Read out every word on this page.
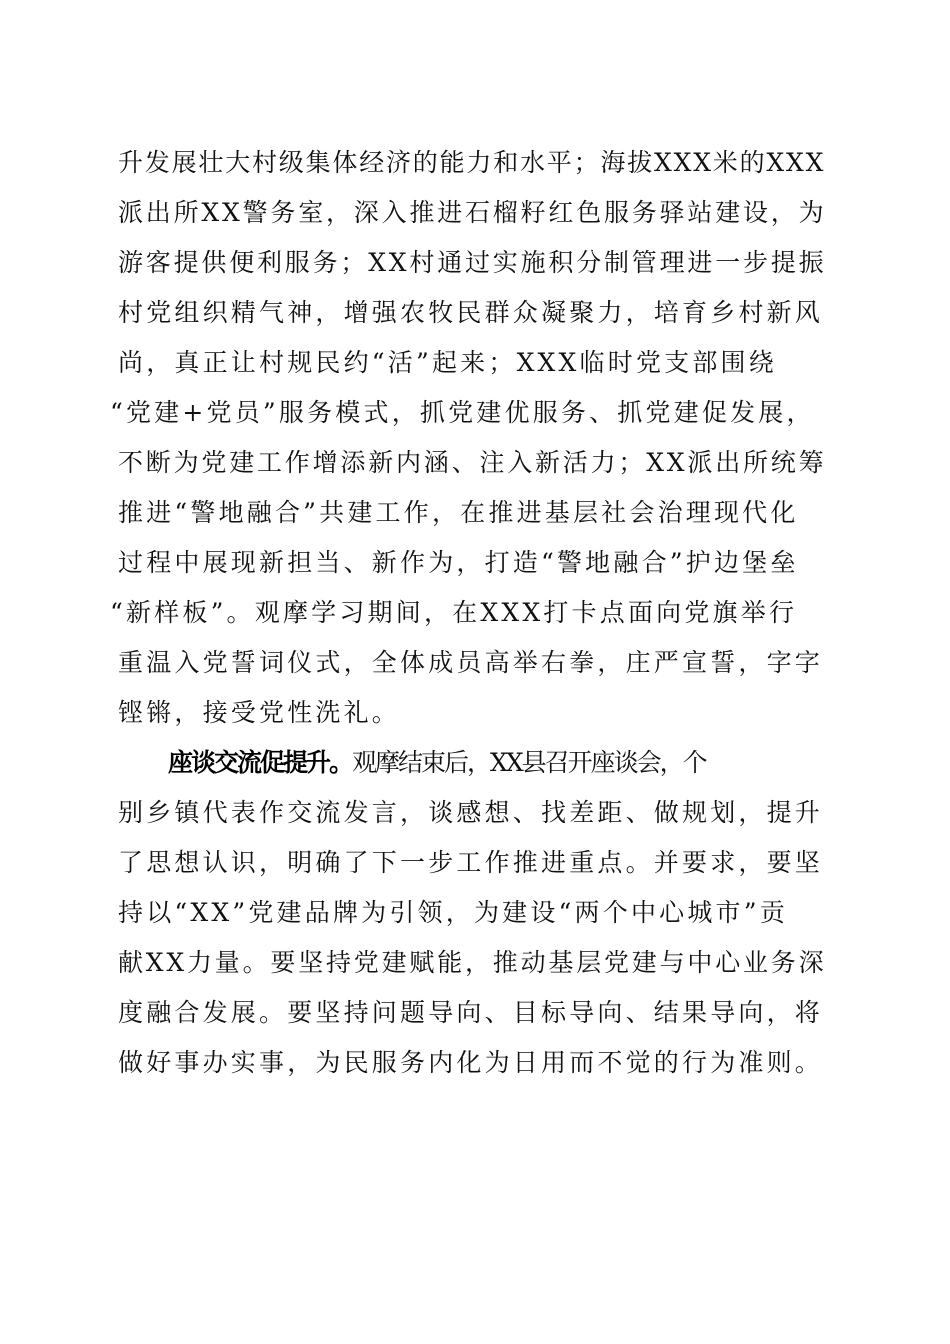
升发展壮大村级集体经济的能力和水平；海拔XXX米的XXX
派出所XX警务室，深入推进石榴籽红色服务驿站建设，为
游客提供便利服务；XX村通过实施积分制管理进一步提振
村党组织精气神，增强农牧民群众凝聚力，培育乡村新风
尚，真正让村规民约“活”起来；XXX临时党支部围绕
“党建+党员”服务模式，抓党建优服务、抓党建促发展，
不断为党建工作增添新内涵、注入新活力；XX派出所统筹
推进“警地融合”共建工作，在推进基层社会治理现代化
过程中展现新担当、新作为，打造“警地融合”护边堡垒
“新样板”。观摩学习期间，在XXX打卡点面向党旗举行
重温入党誓词仪式，全体成员高举右拳，庄严宣誓，字字
铿锵，接受党性洗礼。
座谈交流促提升。观摩结束后，XX县召开座谈会，个
别乡镇代表作交流发言，谈感想、找差距、做规划，提升
了思想认识，明确了下一步工作推进重点。并要求，要坚
持以“XX”党建品牌为引领，为建设“两个中心城市”贡
献XX力量。要坚持党建赋能，推动基层党建与中心业务深
度融合发展。要坚持问题导向、目标导向、结果导向，将
做好事办实事，为民服务内化为日用而不觉的行为准则。
